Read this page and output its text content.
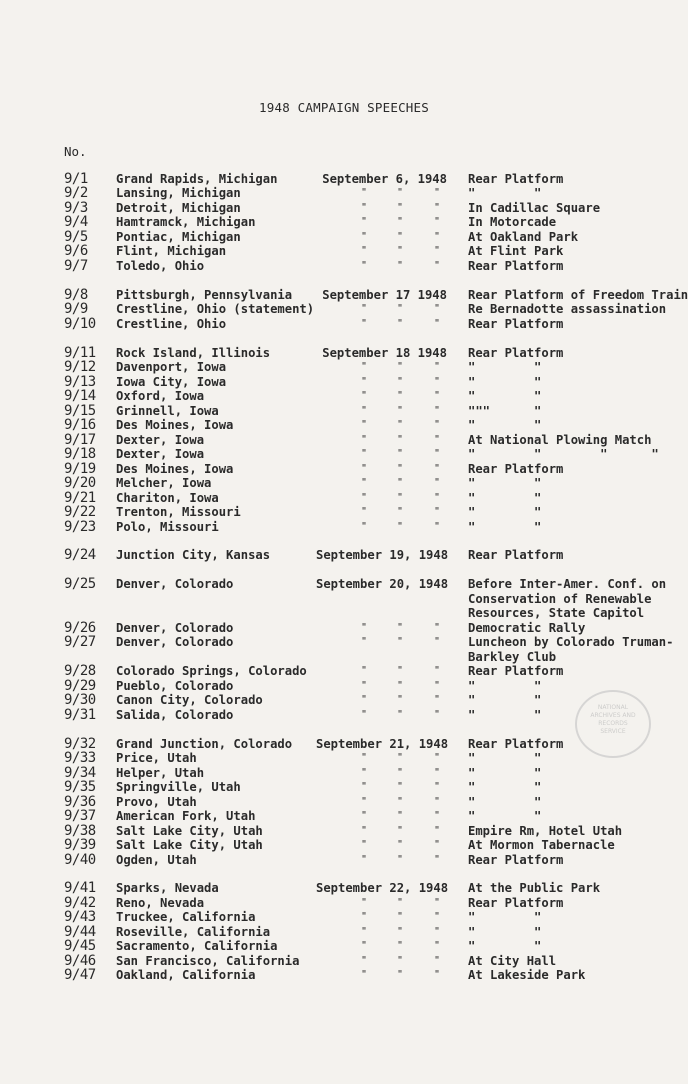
1948 CAMPAIGN SPEECHES
No.
9/1 Grand Rapids, Michigan	September 6, 1948 Rear Platform
9/2 Lansing, Michigan	"	"	"	"        "
9/3 Detroit, Michigan	"	"	"	In Cadillac Square
9/4 Hamtramck, Michigan	"	"	"	In Motorcade
9/5 Pontiac, Michigan	"	"	"	At Oakland Park
9/6 Flint, Michigan	"	"	"	At Flint Park
9/7 Toledo, Ohio	"	"	"	Rear Platform
9/8 Pittsburgh, Pennsylvania	September 17 1948 Rear Platform of Freedom Train
9/9 Crestline, Ohio (statement)	"	"	"	Re Bernadotte assassination
9/10 Crestline, Ohio	"	"	"	Rear Platform
9/11 Rock Island, Illinois	September 18 1948 Rear Platform
9/12 Davenport, Iowa	"	"	"	"        "
9/13 Iowa City, Iowa	"	"	"	"        "
9/14 Oxford, Iowa	"	"	"	"        "
9/15 Grinnell, Iowa	"	"	"	"""      "
9/16 Des Moines, Iowa	"	"	"	"        "
9/17 Dexter, Iowa	"	"	"	At National Plowing Match
9/18 Dexter, Iowa	"	"	"	"        "        "      "
9/19 Des Moines, Iowa	"	"	"	Rear Platform
9/20 Melcher, Iowa	"	"	"	"        "
9/21 Chariton, Iowa	"	"	"	"        "
9/22 Trenton, Missouri	"	"	"	"        "
9/23 Polo, Missouri	"	"	"	"        "
9/24 Junction City, Kansas	September 19, 1948 Rear Platform
9/25 Denver, Colorado	September 20, 1948 Before Inter-Amer. Conf. on
Conservation of Renewable
Resources, State Capitol
9/26 Denver, Colorado	"	"	"	Democratic Rally
9/27 Denver, Colorado	"	"	"	Luncheon by Colorado Truman-
Barkley Club
9/28 Colorado Springs, Colorado	"	"	"	Rear Platform
9/29 Pueblo, Colorado	"	"	"	"        "
9/30 Canon City, Colorado	"	"	"	"        "
9/31 Salida, Colorado	"	"	"	"        "
9/32 Grand Junction, Colorado September 21, 1948 Rear Platform
9/33 Price, Utah	"	"	"	"        "
9/34 Helper, Utah	"	"	"	"        "
9/35 Springville, Utah	"	"	"	"        "
9/36 Provo, Utah	"	"	"	"        "
9/37 American Fork, Utah	"	"	"	"        "
9/38 Salt Lake City, Utah	"	"	"	Empire Rm, Hotel Utah
9/39 Salt Lake City, Utah	"	"	"	At Mormon Tabernacle
9/40 Ogden, Utah	"	"	"	Rear Platform
9/41 Sparks, Nevada	September 22, 1948 At the Public Park
9/42 Reno, Nevada	"	"	"	Rear Platform
9/43 Truckee, California	"	"	"	"        "
9/44 Roseville, California	"	"	"	"        "
9/45 Sacramento, California	"	"	"	"        "
9/46 San Francisco, California	"	"	"	At City Hall
9/47 Oakland, California	"	"	"	At Lakeside Park
NATIONAL
ARCHIVES AND
RECORDS
SERVICE
